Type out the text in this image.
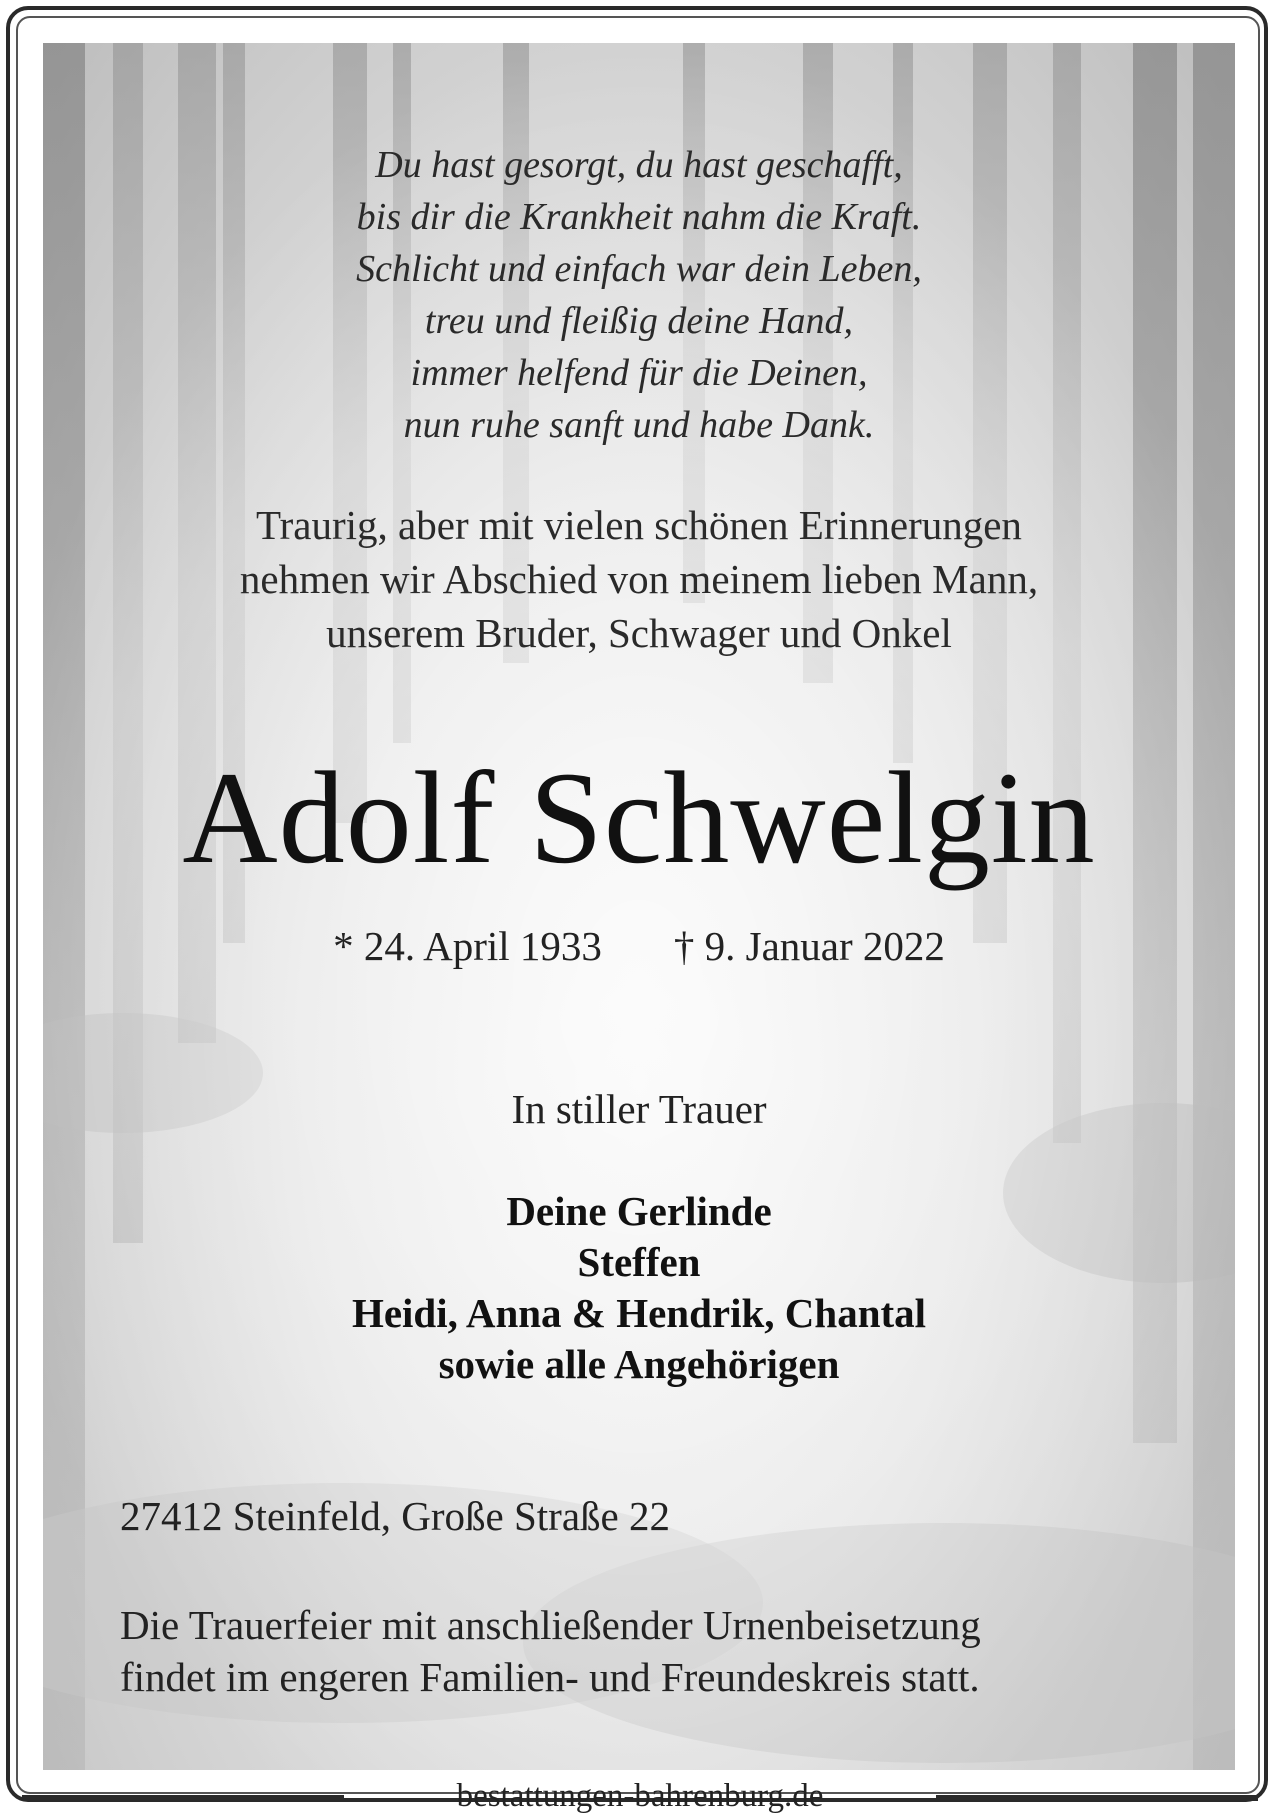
Du hast gesorgt, du hast geschafft,
bis dir die Krankheit nahm die Kraft.
Schlicht und einfach war dein Leben,
treu und fleißig deine Hand,
immer helfend für die Deinen,
nun ruhe sanft und habe Dank.
Traurig, aber mit vielen schönen Erinnerungen
nehmen wir Abschied von meinem lieben Mann,
unserem Bruder, Schwager und Onkel
Adolf Schwelgin
* 24. April 1933 † 9. Januar 2022
In stiller Trauer
Deine Gerlinde
Steffen
Heidi, Anna & Hendrik, Chantal
sowie alle Angehörigen
27412 Steinfeld, Große Straße 22
Die Trauerfeier mit anschließender Urnenbeisetzung
findet im engeren Familien- und Freundeskreis statt.
bestattungen-bahrenburg.de
